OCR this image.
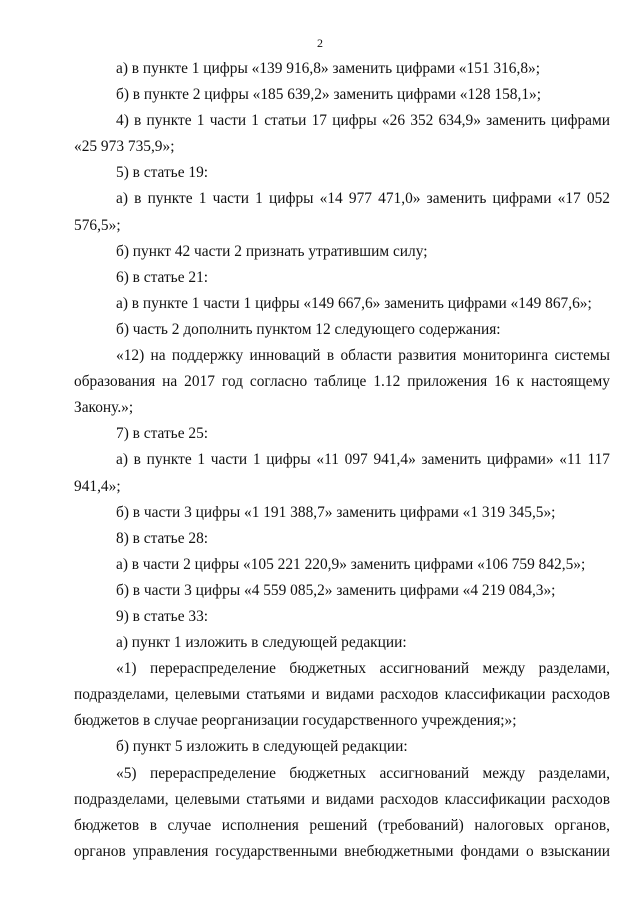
2

а) в пункте 1 цифры «139 916,8» заменить цифрами «151 316,8»;

б) в пункте 2 цифры «185 639,2» заменить цифрами «128 158,1»;

4) в пункте 1 части 1 статьи 17 цифры «26 352 634,9» заменить цифрами «25 973 735,9»;

5) в статье 19:

а) в пункте 1 части 1 цифры «14 977 471,0» заменить цифрами «17 052 576,5»;

б) пункт 42 части 2 признать утратившим силу;

6) в статье 21:

а) в пункте 1 части 1 цифры «149 667,6» заменить цифрами «149 867,6»;

б) часть 2 дополнить пунктом 12 следующего содержания:

«12) на поддержку инноваций в области развития мониторинга системы образования на 2017 год согласно таблице 1.12 приложения 16 к настоящему Закону.»;

7) в статье 25:

а) в пункте 1 части 1 цифры «11 097 941,4» заменить цифрами» «11 117 941,4»;

б) в части 3 цифры «1 191 388,7» заменить цифрами «1 319 345,5»;

8) в статье 28:

а) в части 2 цифры «105 221 220,9» заменить цифрами «106 759 842,5»;

б) в части 3 цифры «4 559 085,2» заменить цифрами «4 219 084,3»;

9) в статье 33:

а) пункт 1 изложить в следующей редакции:

«1) перераспределение бюджетных ассигнований между разделами, подразделами, целевыми статьями и видами расходов классификации расходов бюджетов в случае реорганизации государственного учреждения;»;

б) пункт 5 изложить в следующей редакции:

«5) перераспределение бюджетных ассигнований между разделами, подразделами, целевыми статьями и видами расходов классификации расходов бюджетов в случае исполнения решений (требований) налоговых органов, органов управления государственными внебюджетными фондами о взыскании
